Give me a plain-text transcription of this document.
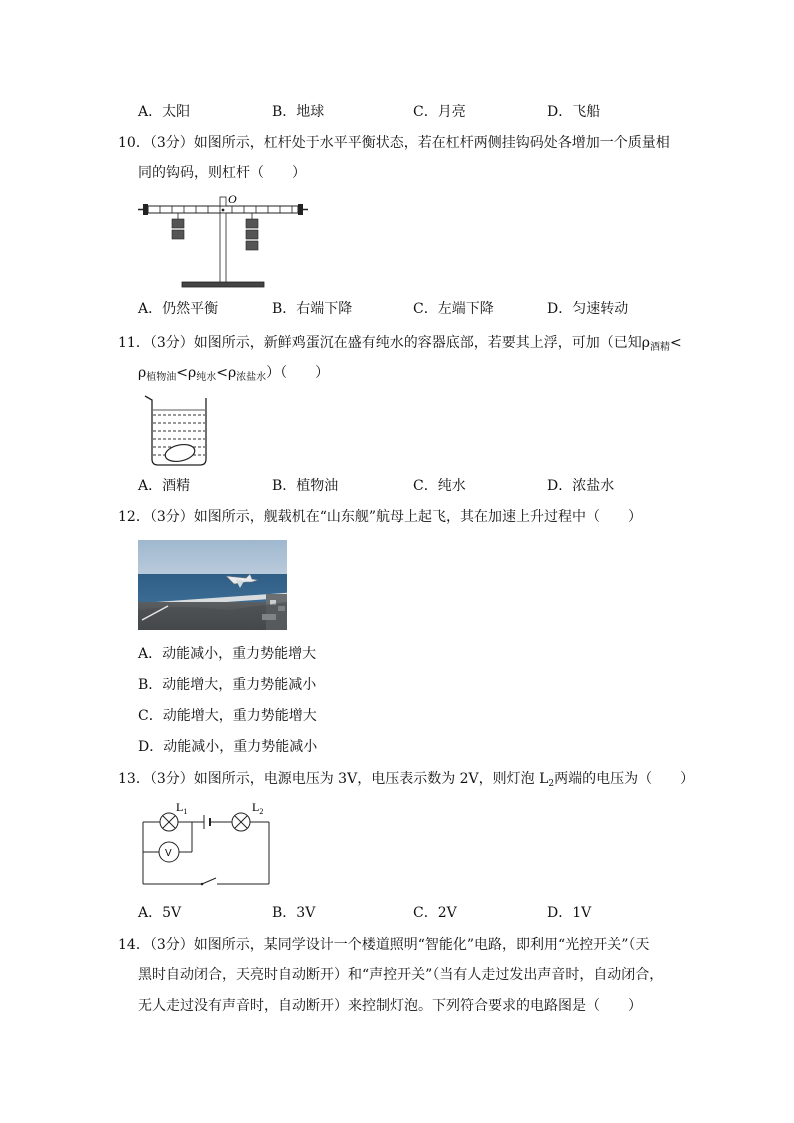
A．太阳	B．地球	C．月亮	D．飞船
10．（3分）如图所示，杠杆处于水平平衡状态，若在杠杆两侧挂钩码处各增加一个质量相
同的钩码，则杠杆（　　）
O
A．仍然平衡	B．右端下降	C．左端下降	D．匀速转动
11．（3分）如图所示，新鲜鸡蛋沉在盛有纯水的容器底部，若要其上浮，可加（已知$\rho_{酒精}<$
$\rho_{植物油}<\rho_{纯水}<\rho_{浓盐水}$）（　　）
A．酒精	B．植物油	C．纯水	D．浓盐水
12．（3分）如图所示，舰载机在“山东舰”航母上起飞，其在加速上升过程中（　　）
A．动能减小，重力势能增大
B．动能增大，重力势能减小
C．动能增大，重力势能增大
D．动能减小，重力势能减小
13．（3分）如图所示，电源电压为 3V，电压表示数为 2V，则灯泡 $L_2$两端的电压为（　　）
V
$L_1$	$L_2$
A．5V	B．3V	C．2V	D．1V
14．（3分）如图所示，某同学设计一个楼道照明“智能化”电路，即利用“光控开关”（天
黑时自动闭合，天亮时自动断开）和“声控开关”（当有人走过发出声音时，自动闭合，
无人走过没有声音时，自动断开）来控制灯泡。下列符合要求的电路图是（　　）
